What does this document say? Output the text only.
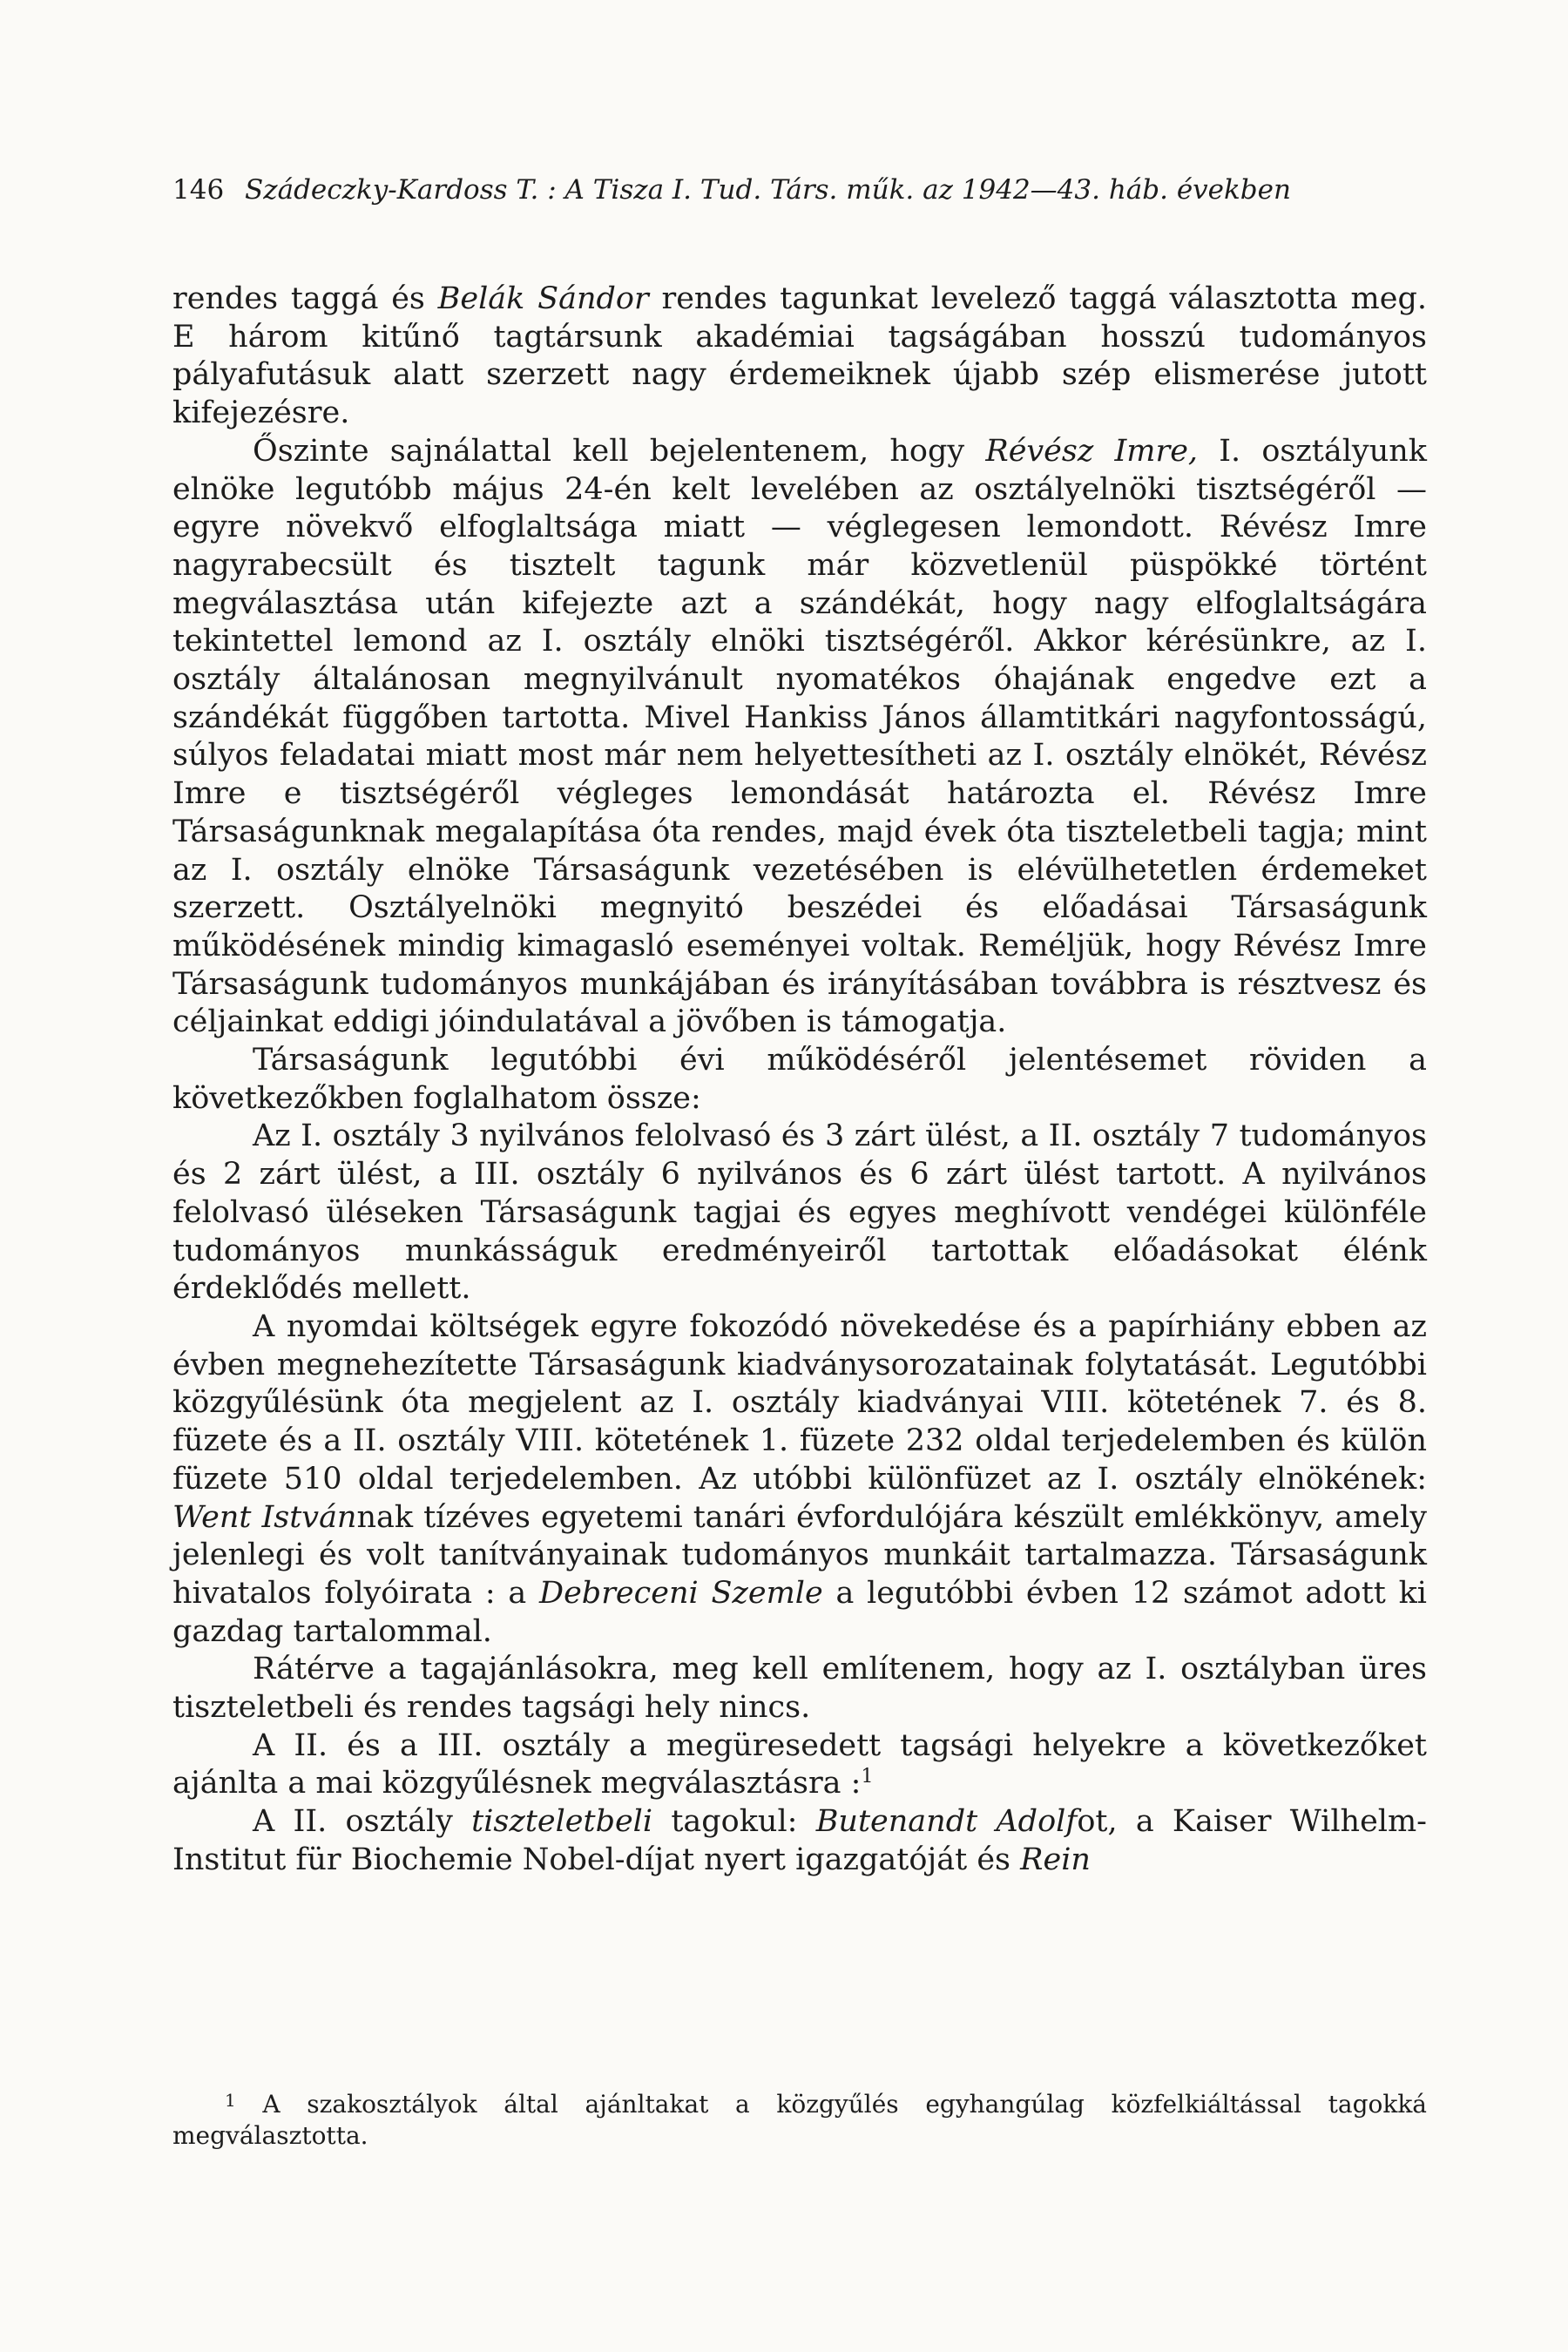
146 Szádeczky-Kardoss T. : A Tisza I. Tud. Társ. műk. az 1942—43. háb. években

rendes taggá és Belák Sándor rendes tagunkat levelező taggá választotta meg. E három kitűnő tagtársunk akadémiai tagságában hosszú tudományos pályafutásuk alatt szerzett nagy érdemeiknek újabb szép elismerése jutott kifejezésre.

Őszinte sajnálattal kell bejelentenem, hogy Révész Imre, I. osztályunk elnöke legutóbb május 24-én kelt levelében az osztályelnöki tisztségéről — egyre növekvő elfoglaltsága miatt — véglegesen lemondott. Révész Imre nagyrabecsült és tisztelt tagunk már közvetlenül püspökké történt megválasztása után kifejezte azt a szándékát, hogy nagy elfoglaltságára tekintettel lemond az I. osztály elnöki tisztségéről. Akkor kérésünkre, az I. osztály általánosan megnyilvánult nyomatékos óhajának engedve ezt a szándékát függőben tartotta. Mivel Hankiss János államtitkári nagyfontosságú, súlyos feladatai miatt most már nem helyettesítheti az I. osztály elnökét, Révész Imre e tisztségéről végleges lemondását határozta el. Révész Imre Társaságunknak megalapítása óta rendes, majd évek óta tiszteletbeli tagja; mint az I. osztály elnöke Társaságunk vezetésében is elévülhetetlen érdemeket szerzett. Osztályelnöki megnyitó beszédei és előadásai Társaságunk működésének mindig kimagasló eseményei voltak. Reméljük, hogy Révész Imre Társaságunk tudományos munkájában és irányításában továbbra is résztvesz és céljainkat eddigi jóindulatával a jövőben is támogatja.

Társaságunk legutóbbi évi működéséről jelentésemet röviden a következőkben foglalhatom össze:

Az I. osztály 3 nyilvános felolvasó és 3 zárt ülést, a II. osztály 7 tudományos és 2 zárt ülést, a III. osztály 6 nyilvános és 6 zárt ülést tartott. A nyilvános felolvasó üléseken Társaságunk tagjai és egyes meghívott vendégei különféle tudományos munkásságuk eredményeiről tartottak előadásokat élénk érdeklődés mellett.

A nyomdai költségek egyre fokozódó növekedése és a papírhiány ebben az évben megnehezítette Társaságunk kiadványsorozatainak folytatását. Legutóbbi közgyűlésünk óta megjelent az I. osztály kiadványai VIII. kötetének 7. és 8. füzete és a II. osztály VIII. kötetének 1. füzete 232 oldal terjedelemben és külön füzete 510 oldal terjedelemben. Az utóbbi különfüzet az I. osztály elnökének: Went Istvánnak tízéves egyetemi tanári évfordulójára készült emlékkönyv, amely jelenlegi és volt tanítványainak tudományos munkáit tartalmazza. Társaságunk hivatalos folyóirata : a Debreceni Szemle a legutóbbi évben 12 számot adott ki gazdag tartalommal.

Rátérve a tagajánlásokra, meg kell említenem, hogy az I. osztályban üres tiszteletbeli és rendes tagsági hely nincs.

A II. és a III. osztály a megüresedett tagsági helyekre a következőket ajánlta a mai közgyűlésnek megválasztásra :$^1$

A II. osztály tiszteletbeli tagokul: Butenandt Adolfot, a Kaiser Wilhelm-Institut für Biochemie Nobel-díjat nyert igazgatóját és Rein

$^1$ A szakosztályok által ajánltakat a közgyűlés egyhangúlag közfelkiáltással tagokká megválasztotta.
